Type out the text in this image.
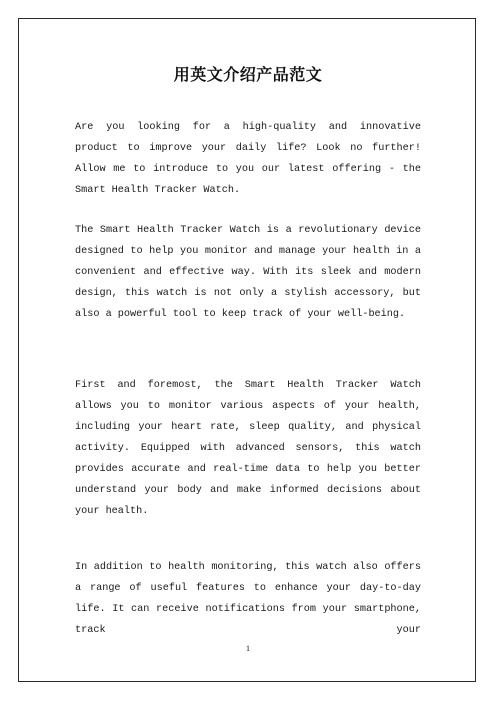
用英文介绍产品范文

Are you looking for a high-quality and innovative product to improve your daily life? Look no further! Allow me to introduce to you our latest offering - the Smart Health Tracker Watch.

The Smart Health Tracker Watch is a revolutionary device designed to help you monitor and manage your health in a convenient and effective way. With its sleek and modern design, this watch is not only a stylish accessory, but also a powerful tool to keep track of your well-being.

First and foremost, the Smart Health Tracker Watch allows you to monitor various aspects of your health, including your heart rate, sleep quality, and physical activity. Equipped with advanced sensors, this watch provides accurate and real-time data to help you better understand your body and make informed decisions about your health.

In addition to health monitoring, this watch also offers a range of useful features to enhance your day-to-day life. It can receive notifications from your smartphone, track your

1
